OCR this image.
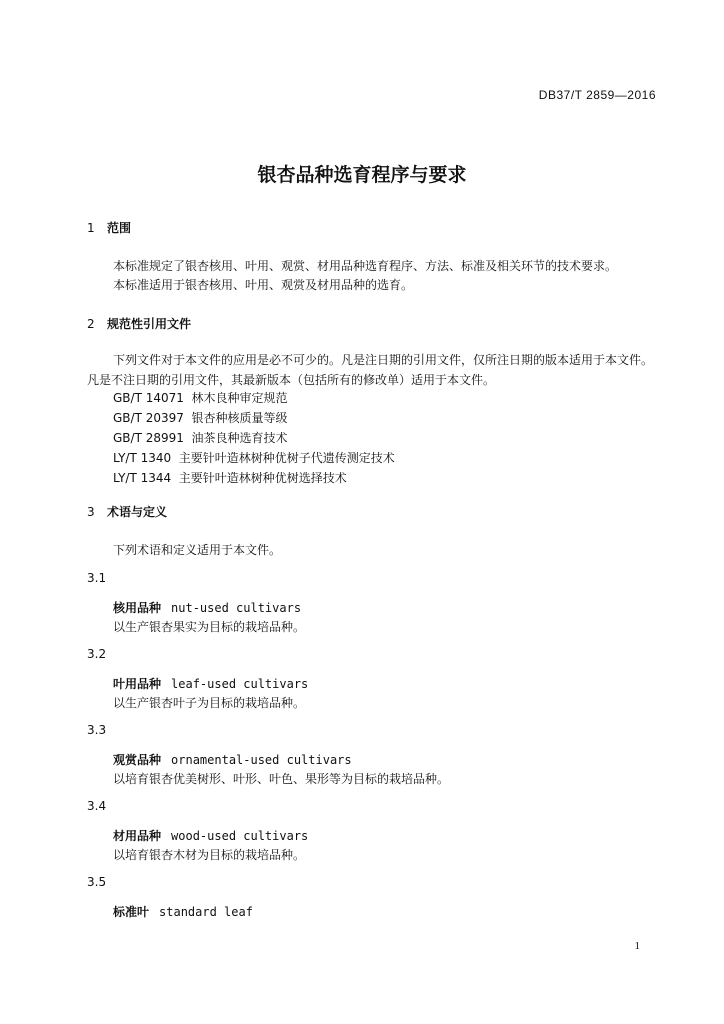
DB37/T 2859—2016
银杏品种选育程序与要求
1 范围
本标准规定了银杏核用、叶用、观赏、材用品种选育程序、方法、标准及相关环节的技术要求。
本标准适用于银杏核用、叶用、观赏及材用品种的选育。
2 规范性引用文件
下列文件对于本文件的应用是必不可少的。凡是注日期的引用文件，仅所注日期的版本适用于本文件。凡是不注日期的引用文件，其最新版本（包括所有的修改单）适用于本文件。
GB/T 14071  林木良种审定规范
GB/T 20397  银杏种核质量等级
GB/T 28991  油茶良种选育技术
LY/T 1340  主要针叶造林树种优树子代遗传测定技术
LY/T 1344  主要针叶造林树种优树选择技术
3 术语与定义
下列术语和定义适用于本文件。
3.1
核用品种 nut-used cultivars
以生产银杏果实为目标的栽培品种。
3.2
叶用品种 leaf-used cultivars
以生产银杏叶子为目标的栽培品种。
3.3
观赏品种 ornamental-used cultivars
以培育银杏优美树形、叶形、叶色、果形等为目标的栽培品种。
3.4
材用品种 wood-used cultivars
以培育银杏木材为目标的栽培品种。
3.5
标准叶 standard leaf
1
